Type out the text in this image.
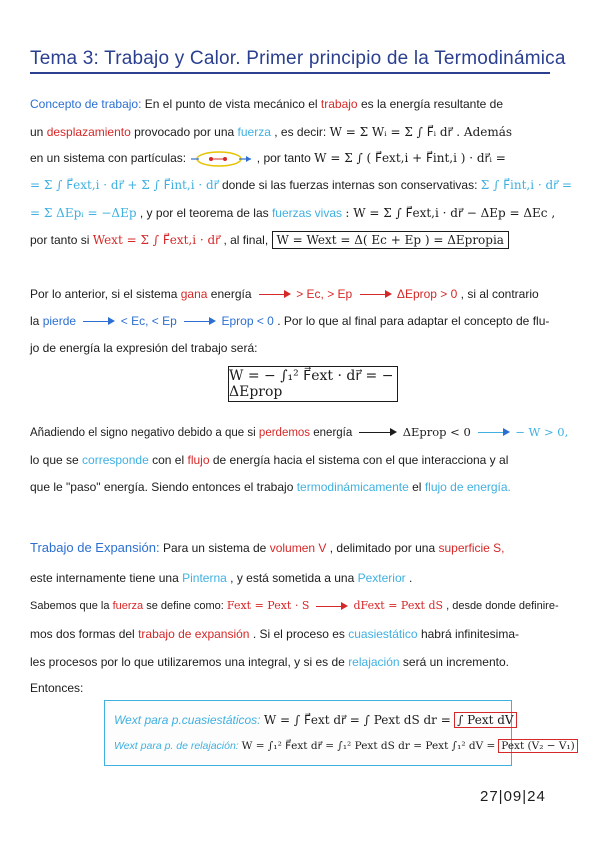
Tema 3: Trabajo y Calor. Primer principio de la Termodinámica
Concepto de trabajo: En el punto de vista mecánico el trabajo es la energía resultante de
un desplazamiento provocado por una fuerza , es decir: W = Σ Wᵢ = Σ ∫ F⃗ᵢ dr⃗ . Además
en un sistema con partículas:	, por tanto W = Σ ∫ ( F⃗ext,i + F⃗int,i ) · dr⃗ᵢ =
= Σ ∫ F⃗ext,i · dr⃗ + Σ ∫ F⃗int,i · dr⃗ donde si las fuerzas internas son conservativas: Σ ∫ F⃗int,i · dr⃗ =
= Σ ΔEpᵢ = −ΔEp , y por el teorema de las fuerzas vivas : W = Σ ∫ F⃗ext,i · dr⃗ − ΔEp = ΔEc ,
por tanto si Wext = Σ ∫ F⃗ext,i · dr⃗ , al final, W = Wext = Δ( Ec + Ep ) = ΔEpropia
Por lo anterior, si el sistema gana energía	> Ec, > Ep	ΔEprop > 0 , si al contrario
la pierde	< Ec, < Ep	Eprop < 0 . Por lo que al final para adaptar el concepto de flu-
jo de energía la expresión del trabajo será:
W = − ∫₁² F⃗ext · dr⃗ = − ΔEprop
Añadiendo el signo negativo debido a que si perdemos energía	ΔEprop < 0	− W > 0,
lo que se corresponde con el flujo de energía hacia el sistema con el que interacciona y al
que le "paso" energía. Siendo entonces el trabajo termodinámicamente el flujo de energía.
Trabajo de Expansión: Para un sistema de volumen V , delimitado por una superficie S,
este internamente tiene una Pinterna , y está sometida a una Pexterior .
Sabemos que la fuerza se define como: Fext = Pext · S	dFext = Pext dS , desde donde definire-
mos dos formas del trabajo de expansión . Si el proceso es cuasiestático habrá infinitesima-
les procesos por lo que utilizaremos una integral, y si es de relajación será un incremento.
Entonces:
Wext para p.cuasiestáticos: W = ∫ F⃗ext dr⃗ = ∫ Pext dS dr = ∫ Pext dV
Wext para p. de relajación: W = ∫₁² F⃗ext dr⃗ = ∫₁² Pext dS dr = Pext ∫₁² dV = Pext (V₂ − V₁)
27|09|24
